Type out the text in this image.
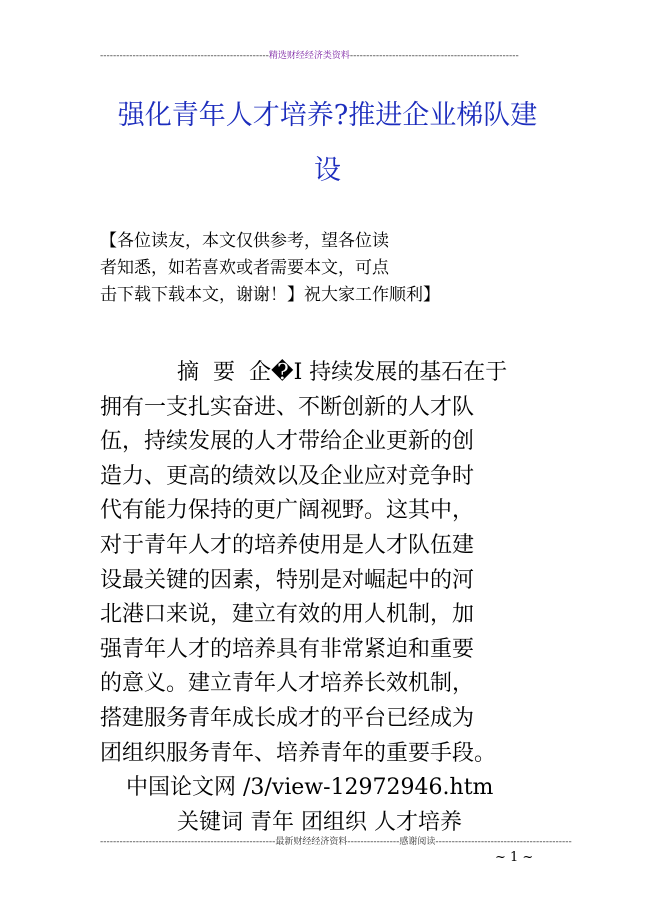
----------------------------------------------------精选财经经济类资料----------------------------------------------------
强化青年人才培养?推进企业梯队建
设
【各位读友，本文仅供参考，望各位读
者知悉，如若喜欢或者需要本文，可点
击下载下载本文，谢谢！】祝大家工作顺利】
摘 要 企�I 持续发展的基石在于
拥有一支扎实奋进、不断创新的人才队
伍，持续发展的人才带给企业更新的创
造力、更高的绩效以及企业应对竞争时
代有能力保持的更广阔视野。这其中，
对于青年人才的培养使用是人才队伍建
设最关键的因素，特别是对崛起中的河
北港口来说，建立有效的用人机制，加
强青年人才的培养具有非常紧迫和重要
的意义。建立青年人才培养长效机制，
搭建服务青年成长成才的平台已经成为
团组织服务青年、培养青年的重要手段。
中国论文网 /3/view-12972946.htm
关键词 青年 团组织 人才培养
------------------------------------------------------最新财经经济资料----------------感谢阅读------------------------------------------
~ 1 ~
